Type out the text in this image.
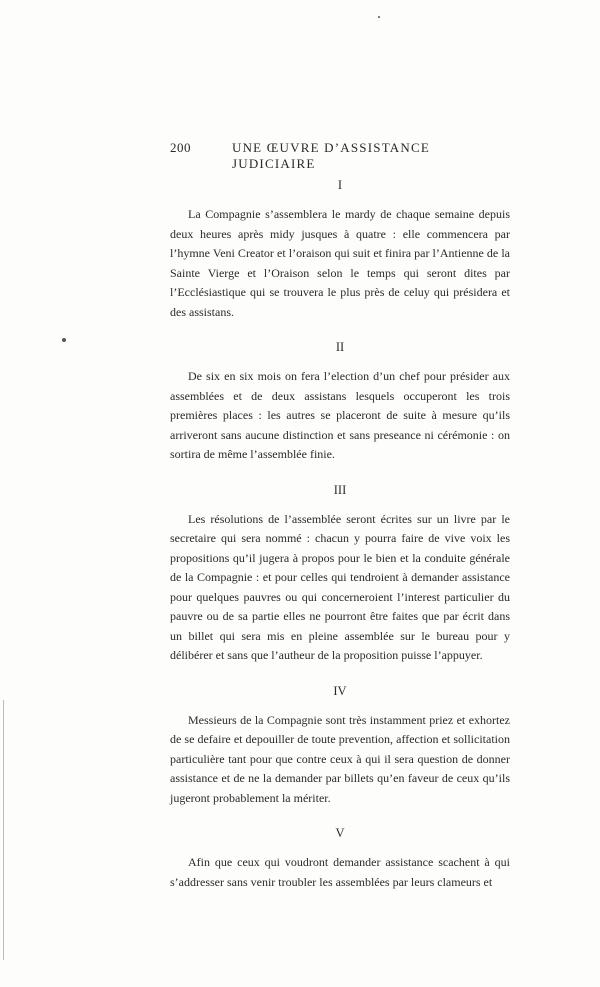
200	UNE ŒUVRE D’ASSISTANCE JUDICIAIRE
I

La Compagnie s’assemblera le mardy de chaque semaine depuis deux heures après midy jusques à quatre : elle commencera par l’hymne Veni Creator et l’oraison qui suit et finira par l’Antienne de la Sainte Vierge et l’Oraison selon le temps qui seront dites par l’Ecclésiastique qui se trouvera le plus près de celuy qui présidera et des assistans.

II

De six en six mois on fera l’election d’un chef pour présider aux assemblées et de deux assistans lesquels occuperont les trois premières places : les autres se placeront de suite à mesure qu’ils arriveront sans aucune distinction et sans preseance ni cérémonie : on sortira de même l’assemblée finie.

III

Les résolutions de l’assemblée seront écrites sur un livre par le secretaire qui sera nommé : chacun y pourra faire de vive voix les propositions qu’il jugera à propos pour le bien et la conduite générale de la Compagnie : et pour celles qui tendroient à demander assistance pour quelques pauvres ou qui concerneroient l’interest particulier du pauvre ou de sa partie elles ne pourront être faites que par écrit dans un billet qui sera mis en pleine assemblée sur le bureau pour y délibérer et sans que l’autheur de la proposition puisse l’appuyer.

IV

Messieurs de la Compagnie sont très instamment priez et exhortez de se defaire et depouiller de toute prevention, affection et sollicitation particulière tant pour que contre ceux à qui il sera question de donner assistance et de ne la demander par billets qu’en faveur de ceux qu’ils jugeront probablement la mériter.

V

Afin que ceux qui voudront demander assistance scachent à qui s’addresser sans venir troubler les assemblées par leurs clameurs et
